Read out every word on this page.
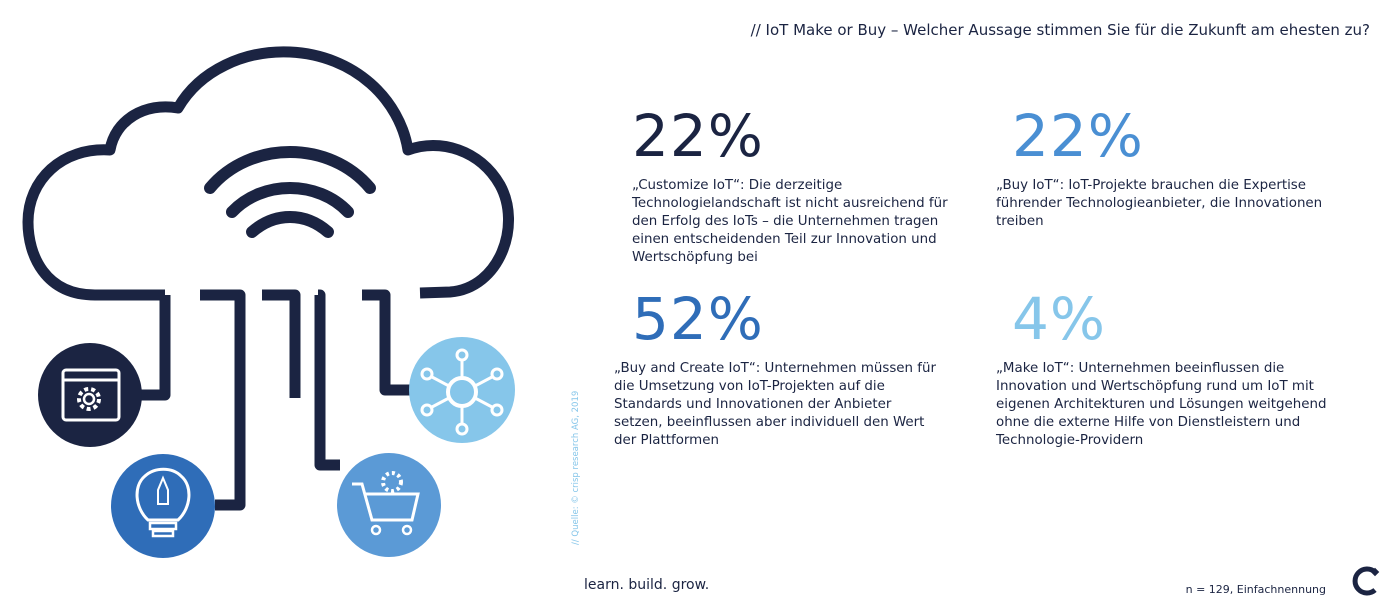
// IoT Make or Buy – Welcher Aussage stimmen Sie für die Zukunft am ehesten zu?
22%
„Customize IoT“: Die derzeitige Technologielandschaft ist nicht ausreichend für den Erfolg des IoTs – die Unternehmen tragen einen entscheidenden Teil zur Innovation und Wertschöpfung bei
22%
„Buy IoT“: IoT-Projekte brauchen die Expertise führender Technologieanbieter, die Innovationen treiben
52%
„Buy and Create IoT“: Unternehmen müssen für die Umsetzung von IoT-Projekten auf die Standards und Innovationen der Anbieter setzen, beeinflussen aber individuell den Wert der Plattformen
4%
„Make IoT“: Unternehmen beeinflussen die Innovation und Wertschöpfung rund um IoT mit eigenen Architekturen und Lösungen weitgehend ohne die externe Hilfe von Dienstleistern und Technologie-Providern
// Quelle: © crisp research AG, 2019
learn. build. grow.	n = 129, Einfachnennung
